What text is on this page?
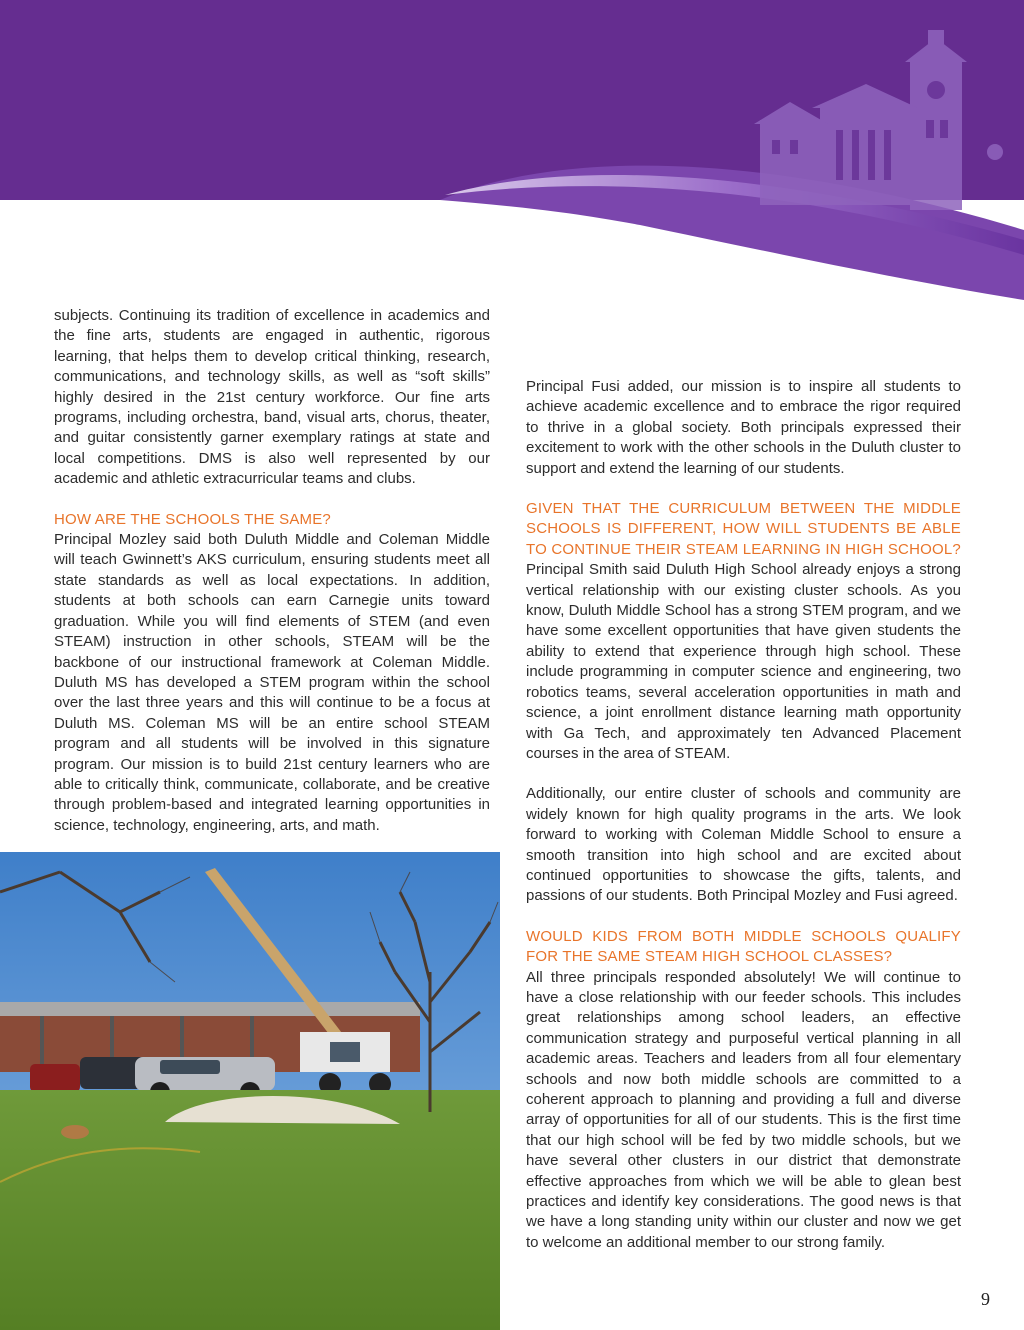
subjects. Continuing its tradition of excellence in academics and the fine arts, students are engaged in authentic, rigorous learning, that helps them to develop critical thinking, research, communications, and technology skills, as well as “soft skills” highly desired in the 21st century workforce. Our fine arts programs, including orchestra, band, visual arts, chorus, theater, and guitar consistently garner exemplary ratings at state and local competitions. DMS is also well represented by our academic and athletic extracurricular teams and clubs.

HOW ARE THE SCHOOLS THE SAME?

Principal Mozley said both Duluth Middle and Coleman Middle will teach Gwinnett’s AKS curriculum, ensuring students meet all state standards as well as local expectations. In addition, students at both schools can earn Carnegie units toward graduation. While you will find elements of STEM (and even STEAM) instruction in other schools, STEAM will be the backbone of our instructional framework at Coleman Middle. Duluth MS has developed a STEM program within the school over the last three years and this will continue to be a focus at Duluth MS. Coleman MS will be an entire school STEAM program and all students will be involved in this signature program. Our mission is to build 21st century learners who are able to critically think, communicate, collaborate, and be creative through problem-based and integrated learning opportunities in science, technology, engineering, arts, and math.

Principal Fusi added, our mission is to inspire all students to achieve academic excellence and to embrace the rigor required to thrive in a global society. Both principals expressed their excitement to work with the other schools in the Duluth cluster to support and extend the learning of our students.

GIVEN THAT THE CURRICULUM BETWEEN THE MIDDLE SCHOOLS IS DIFFERENT, HOW WILL STUDENTS BE ABLE TO CONTINUE THEIR STEAM LEARNING IN HIGH SCHOOL?

Principal Smith said Duluth High School already enjoys a strong vertical relationship with our existing cluster schools. As you know, Duluth Middle School has a strong STEM program, and we have some excellent opportunities that have given students the ability to extend that experience through high school. These include programming in computer science and engineering, two robotics teams, several acceleration opportunities in math and science, a joint enrollment distance learning math opportunity with Ga Tech, and approximately ten Advanced Placement courses in the area of STEAM.

Additionally, our entire cluster of schools and community are widely known for high quality programs in the arts. We look forward to working with Coleman Middle School to ensure a smooth transition into high school and are excited about continued opportunities to showcase the gifts, talents, and passions of our students. Both Principal Mozley and Fusi agreed.

WOULD KIDS FROM BOTH MIDDLE SCHOOLS QUALIFY FOR THE SAME STEAM HIGH SCHOOL CLASSES?

All three principals responded absolutely! We will continue to have a close relationship with our feeder schools. This includes great relationships among school leaders, an effective communication strategy and purposeful vertical planning in all academic areas. Teachers and leaders from all four elementary schools and now both middle schools are committed to a coherent approach to planning and providing a full and diverse array of opportunities for all of our students. This is the first time that our high school will be fed by two middle schools, but we have several other clusters in our district that demonstrate effective approaches from which we will be able to glean best practices and identify key considerations. The good news is that we have a long standing unity within our cluster and now we get to welcome an additional member to our strong family.

9
